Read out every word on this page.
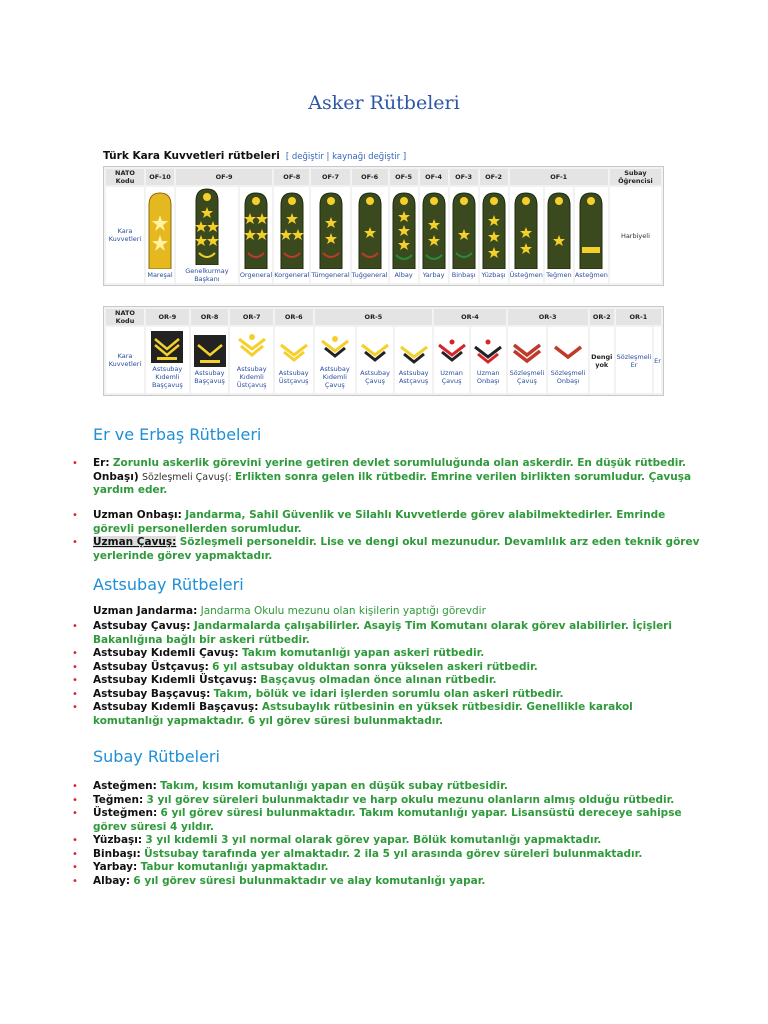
Asker Rütbeleri
Türk Kara Kuvvetleri rütbeleri [ değiştir | kaynağı değiştir ]
NATO Kodu	OF-10	OF-9		OF-8	OF-7	OF-6	OF-5	OF-4	OF-3	OF-2	OF-1			Subay Öğrencisi
Kara Kuvvetleri	Mareşal	Genelkurmay Başkanı	Orgeneral	Korgeneral	Tümgeneral	Tuğgeneral	Albay	Yarbay	Binbaşı	Yüzbaşı	Üsteğmen	Teğmen	Asteğmen	Harbiyeli
NATO Kodu	OR-9	OR-8	OR-7	OR-6	OR-5			OR-4		OR-3		OR-2	OR-1	
Kara Kuvvetleri	Astsubay Kıdemli Başçavuş	Astsubay Başçavuş	Astsubay Kıdemli Üstçavuş	Astsubay Üstçavuş	Astsubay Kıdemli Çavuş	Astsubay Çavuş	Astsubay Astçavuş	Uzman Çavuş	Uzman Onbaşı	Sözleşmeli Çavuş	Sözleşmeli Onbaşı	Dengi yok	Sözleşmeli Er	Er
Er ve Erbaş Rütbeleri
• Er: Zorunlu askerlik görevini yerine getiren devlet sorumluluğunda olan askerdir. En düşük rütbedir.
Onbaşı) Sözleşmeli Çavuş(: Erlikten sonra gelen ilk rütbedir. Emrine verilen birlikten sorumludur. Çavuşa yardım eder.
• Uzman Onbaşı: Jandarma, Sahil Güvenlik ve Silahlı Kuvvetlerde görev alabilmektedirler. Emrinde görevli personellerden sorumludur.
• Uzman Çavuş: Sözleşmeli personeldir. Lise ve dengi okul mezunudur. Devamlılık arz eden teknik görev yerlerinde görev yapmaktadır.
Astsubay Rütbeleri
Uzman Jandarma: Jandarma Okulu mezunu olan kişilerin yaptığı görevdir
• Astsubay Çavuş: Jandarmalarda çalışabilirler. Asayiş Tim Komutanı olarak görev alabilirler. İçişleri Bakanlığına bağlı bir askeri rütbedir.
• Astsubay Kıdemli Çavuş: Takım komutanlığı yapan askeri rütbedir.
• Astsubay Üstçavuş: 6 yıl astsubay olduktan sonra yükselen askeri rütbedir.
• Astsubay Kıdemli Üstçavuş: Başçavuş olmadan önce alınan rütbedir.
• Astsubay Başçavuş: Takım, bölük ve idari işlerden sorumlu olan askeri rütbedir.
• Astsubay Kıdemli Başçavuş: Astsubaylık rütbesinin en yüksek rütbesidir. Genellikle karakol komutanlığı yapmaktadır. 6 yıl görev süresi bulunmaktadır.
Subay Rütbeleri
• Asteğmen: Takım, kısım komutanlığı yapan en düşük subay rütbesidir.
• Teğmen: 3 yıl görev süreleri bulunmaktadır ve harp okulu mezunu olanların almış olduğu rütbedir.
• Üsteğmen: 6 yıl görev süresi bulunmaktadır. Takım komutanlığı yapar. Lisansüstü dereceye sahipse görev süresi 4 yıldır.
• Yüzbaşı: 3 yıl kıdemli 3 yıl normal olarak görev yapar. Bölük komutanlığı yapmaktadır.
• Binbaşı: Üstsubay tarafında yer almaktadır. 2 ila 5 yıl arasında görev süreleri bulunmaktadır.
• Yarbay: Tabur komutanlığı yapmaktadır.
• Albay: 6 yıl görev süresi bulunmaktadır ve alay komutanlığı yapar.
